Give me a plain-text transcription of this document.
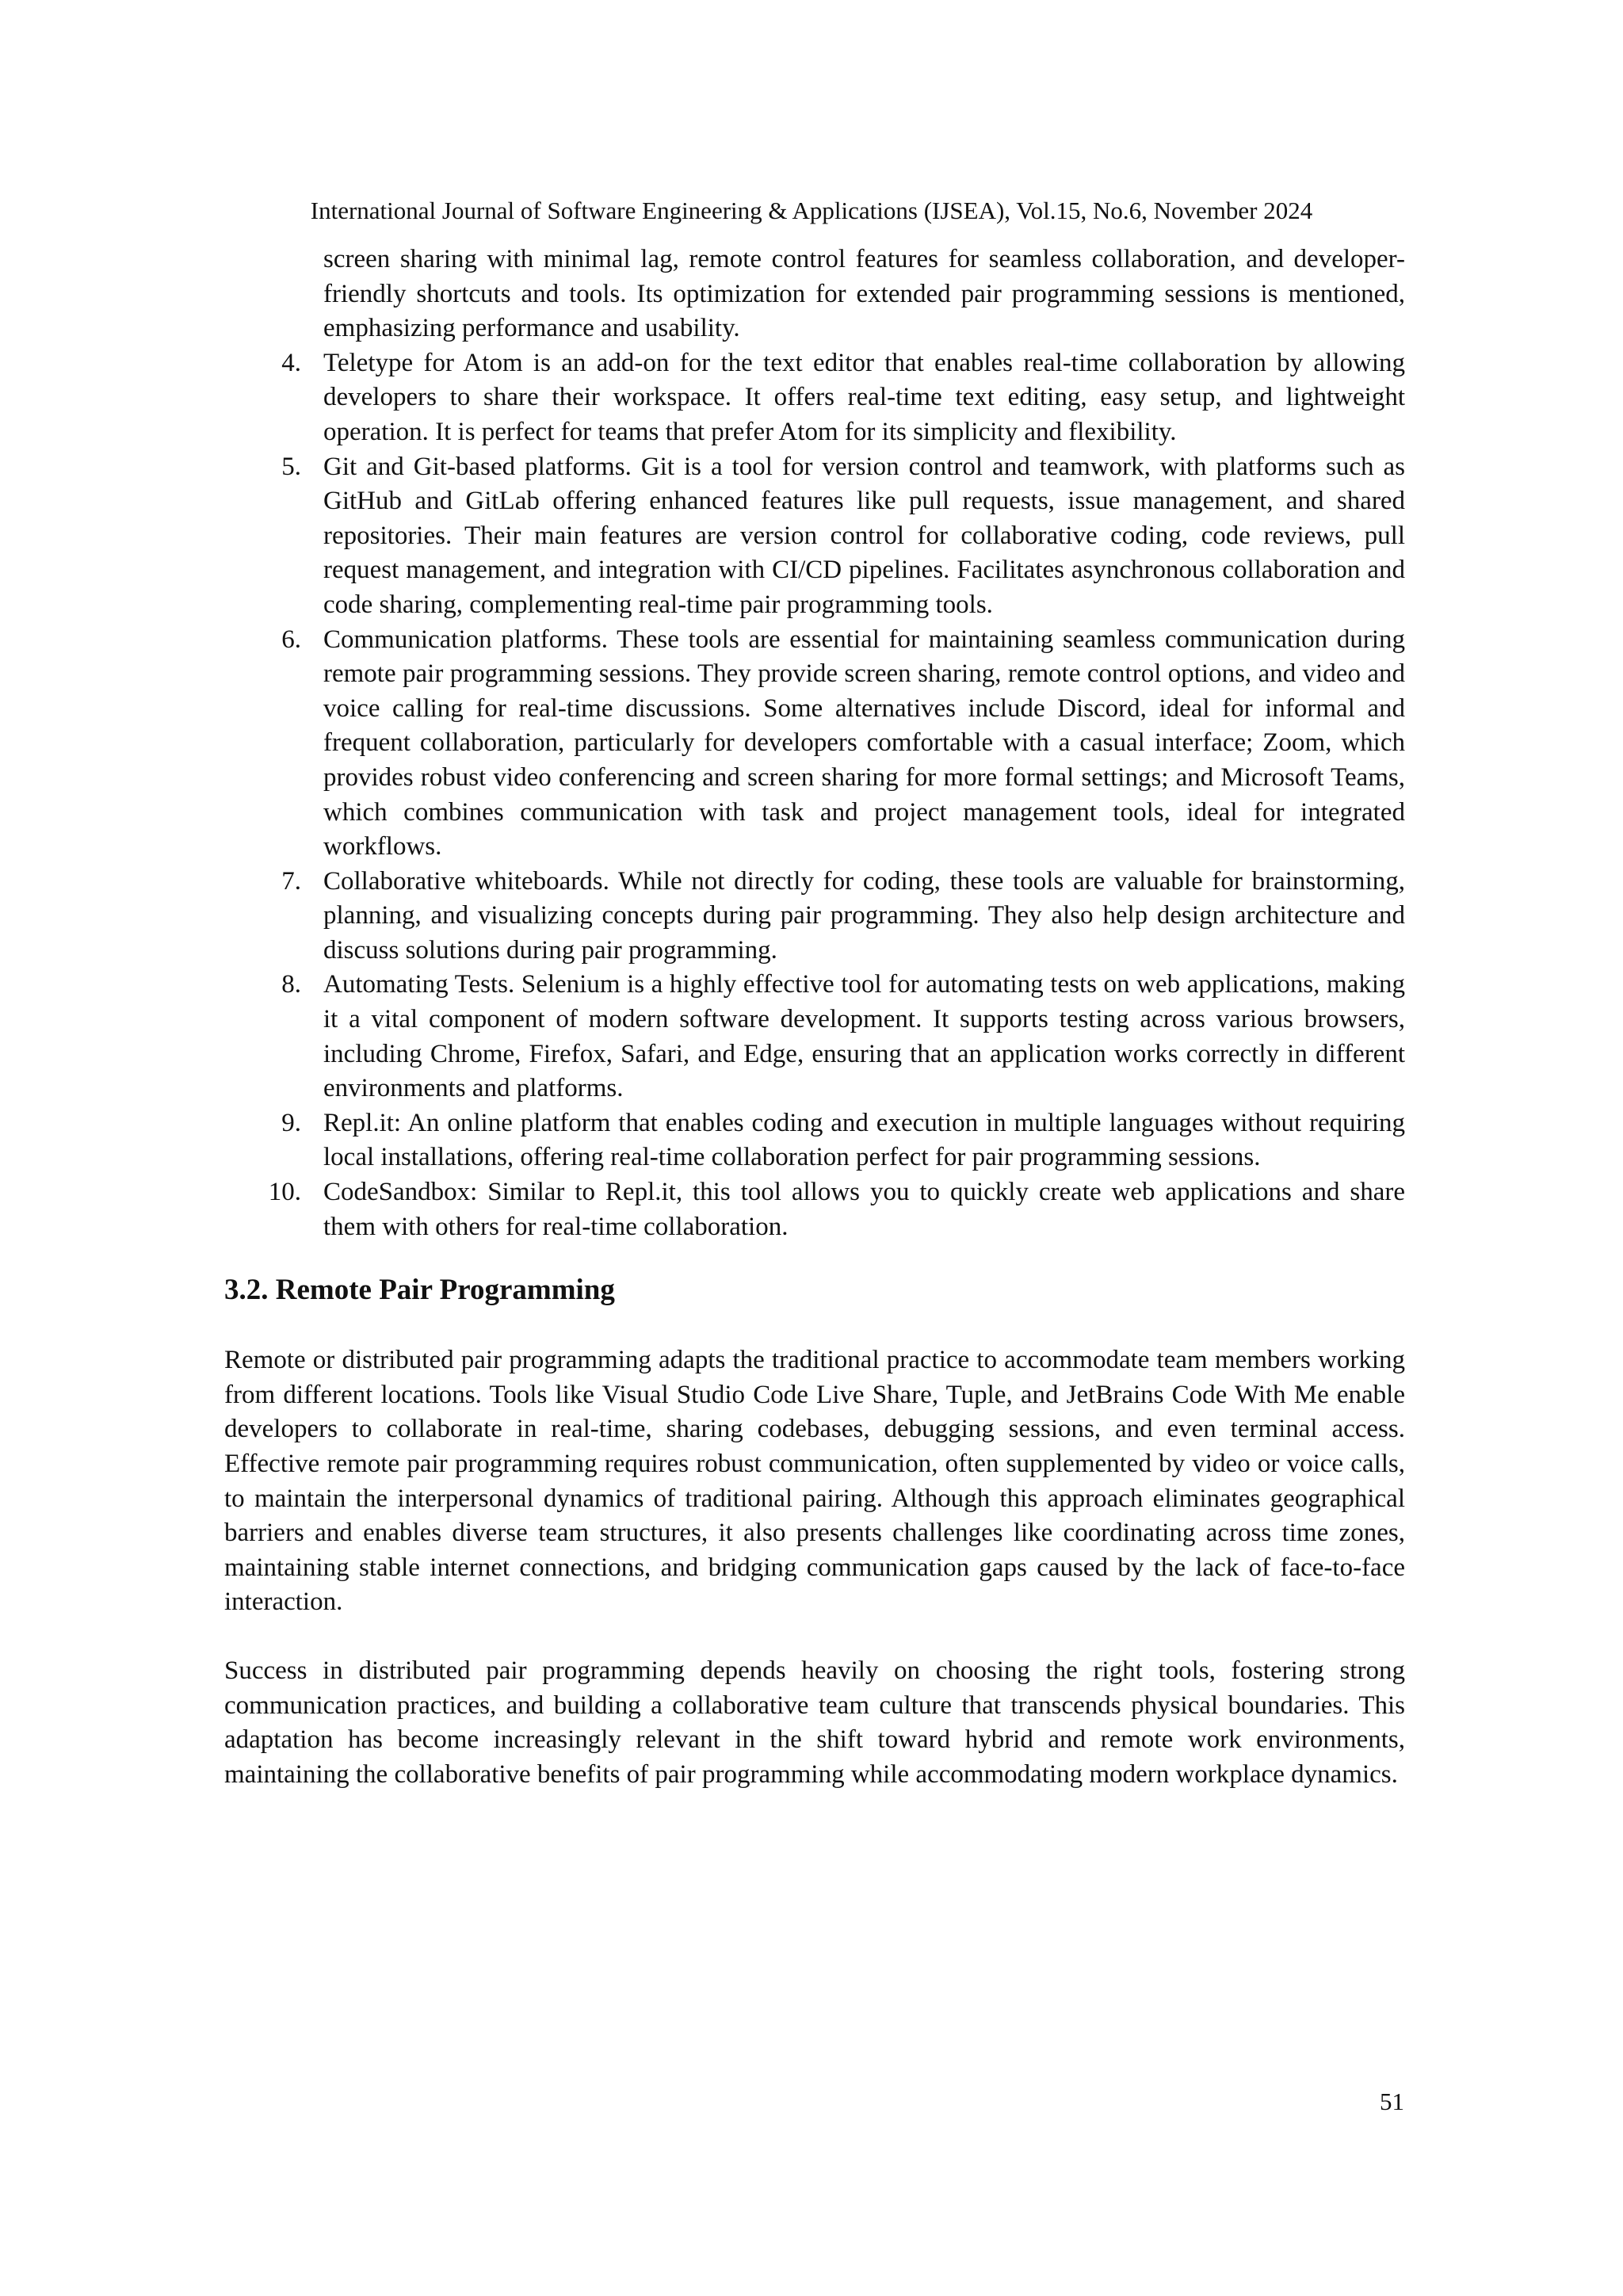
International Journal of Software Engineering & Applications (IJSEA), Vol.15, No.6, November 2024

screen sharing with minimal lag, remote control features for seamless collaboration, and developer-friendly shortcuts and tools. Its optimization for extended pair programming sessions is mentioned, emphasizing performance and usability.
4. Teletype for Atom is an add-on for the text editor that enables real-time collaboration by allowing developers to share their workspace. It offers real-time text editing, easy setup, and lightweight operation. It is perfect for teams that prefer Atom for its simplicity and flexibility.
5. Git and Git-based platforms. Git is a tool for version control and teamwork, with platforms such as GitHub and GitLab offering enhanced features like pull requests, issue management, and shared repositories. Their main features are version control for collaborative coding, code reviews, pull request management, and integration with CI/CD pipelines. Facilitates asynchronous collaboration and code sharing, complementing real-time pair programming tools.
6. Communication platforms. These tools are essential for maintaining seamless communication during remote pair programming sessions. They provide screen sharing, remote control options, and video and voice calling for real-time discussions. Some alternatives include Discord, ideal for informal and frequent collaboration, particularly for developers comfortable with a casual interface; Zoom, which provides robust video conferencing and screen sharing for more formal settings; and Microsoft Teams, which combines communication with task and project management tools, ideal for integrated workflows.
7. Collaborative whiteboards. While not directly for coding, these tools are valuable for brainstorming, planning, and visualizing concepts during pair programming. They also help design architecture and discuss solutions during pair programming.
8. Automating Tests. Selenium is a highly effective tool for automating tests on web applications, making it a vital component of modern software development. It supports testing across various browsers, including Chrome, Firefox, Safari, and Edge, ensuring that an application works correctly in different environments and platforms.
9. Repl.it: An online platform that enables coding and execution in multiple languages without requiring local installations, offering real-time collaboration perfect for pair programming sessions.
10. CodeSandbox: Similar to Repl.it, this tool allows you to quickly create web applications and share them with others for real-time collaboration.
3.2. Remote Pair Programming

Remote or distributed pair programming adapts the traditional practice to accommodate team members working from different locations. Tools like Visual Studio Code Live Share, Tuple, and JetBrains Code With Me enable developers to collaborate in real-time, sharing codebases, debugging sessions, and even terminal access. Effective remote pair programming requires robust communication, often supplemented by video or voice calls, to maintain the interpersonal dynamics of traditional pairing. Although this approach eliminates geographical barriers and enables diverse team structures, it also presents challenges like coordinating across time zones, maintaining stable internet connections, and bridging communication gaps caused by the lack of face-to-face interaction.

Success in distributed pair programming depends heavily on choosing the right tools, fostering strong communication practices, and building a collaborative team culture that transcends physical boundaries. This adaptation has become increasingly relevant in the shift toward hybrid and remote work environments, maintaining the collaborative benefits of pair programming while accommodating modern workplace dynamics.

51
